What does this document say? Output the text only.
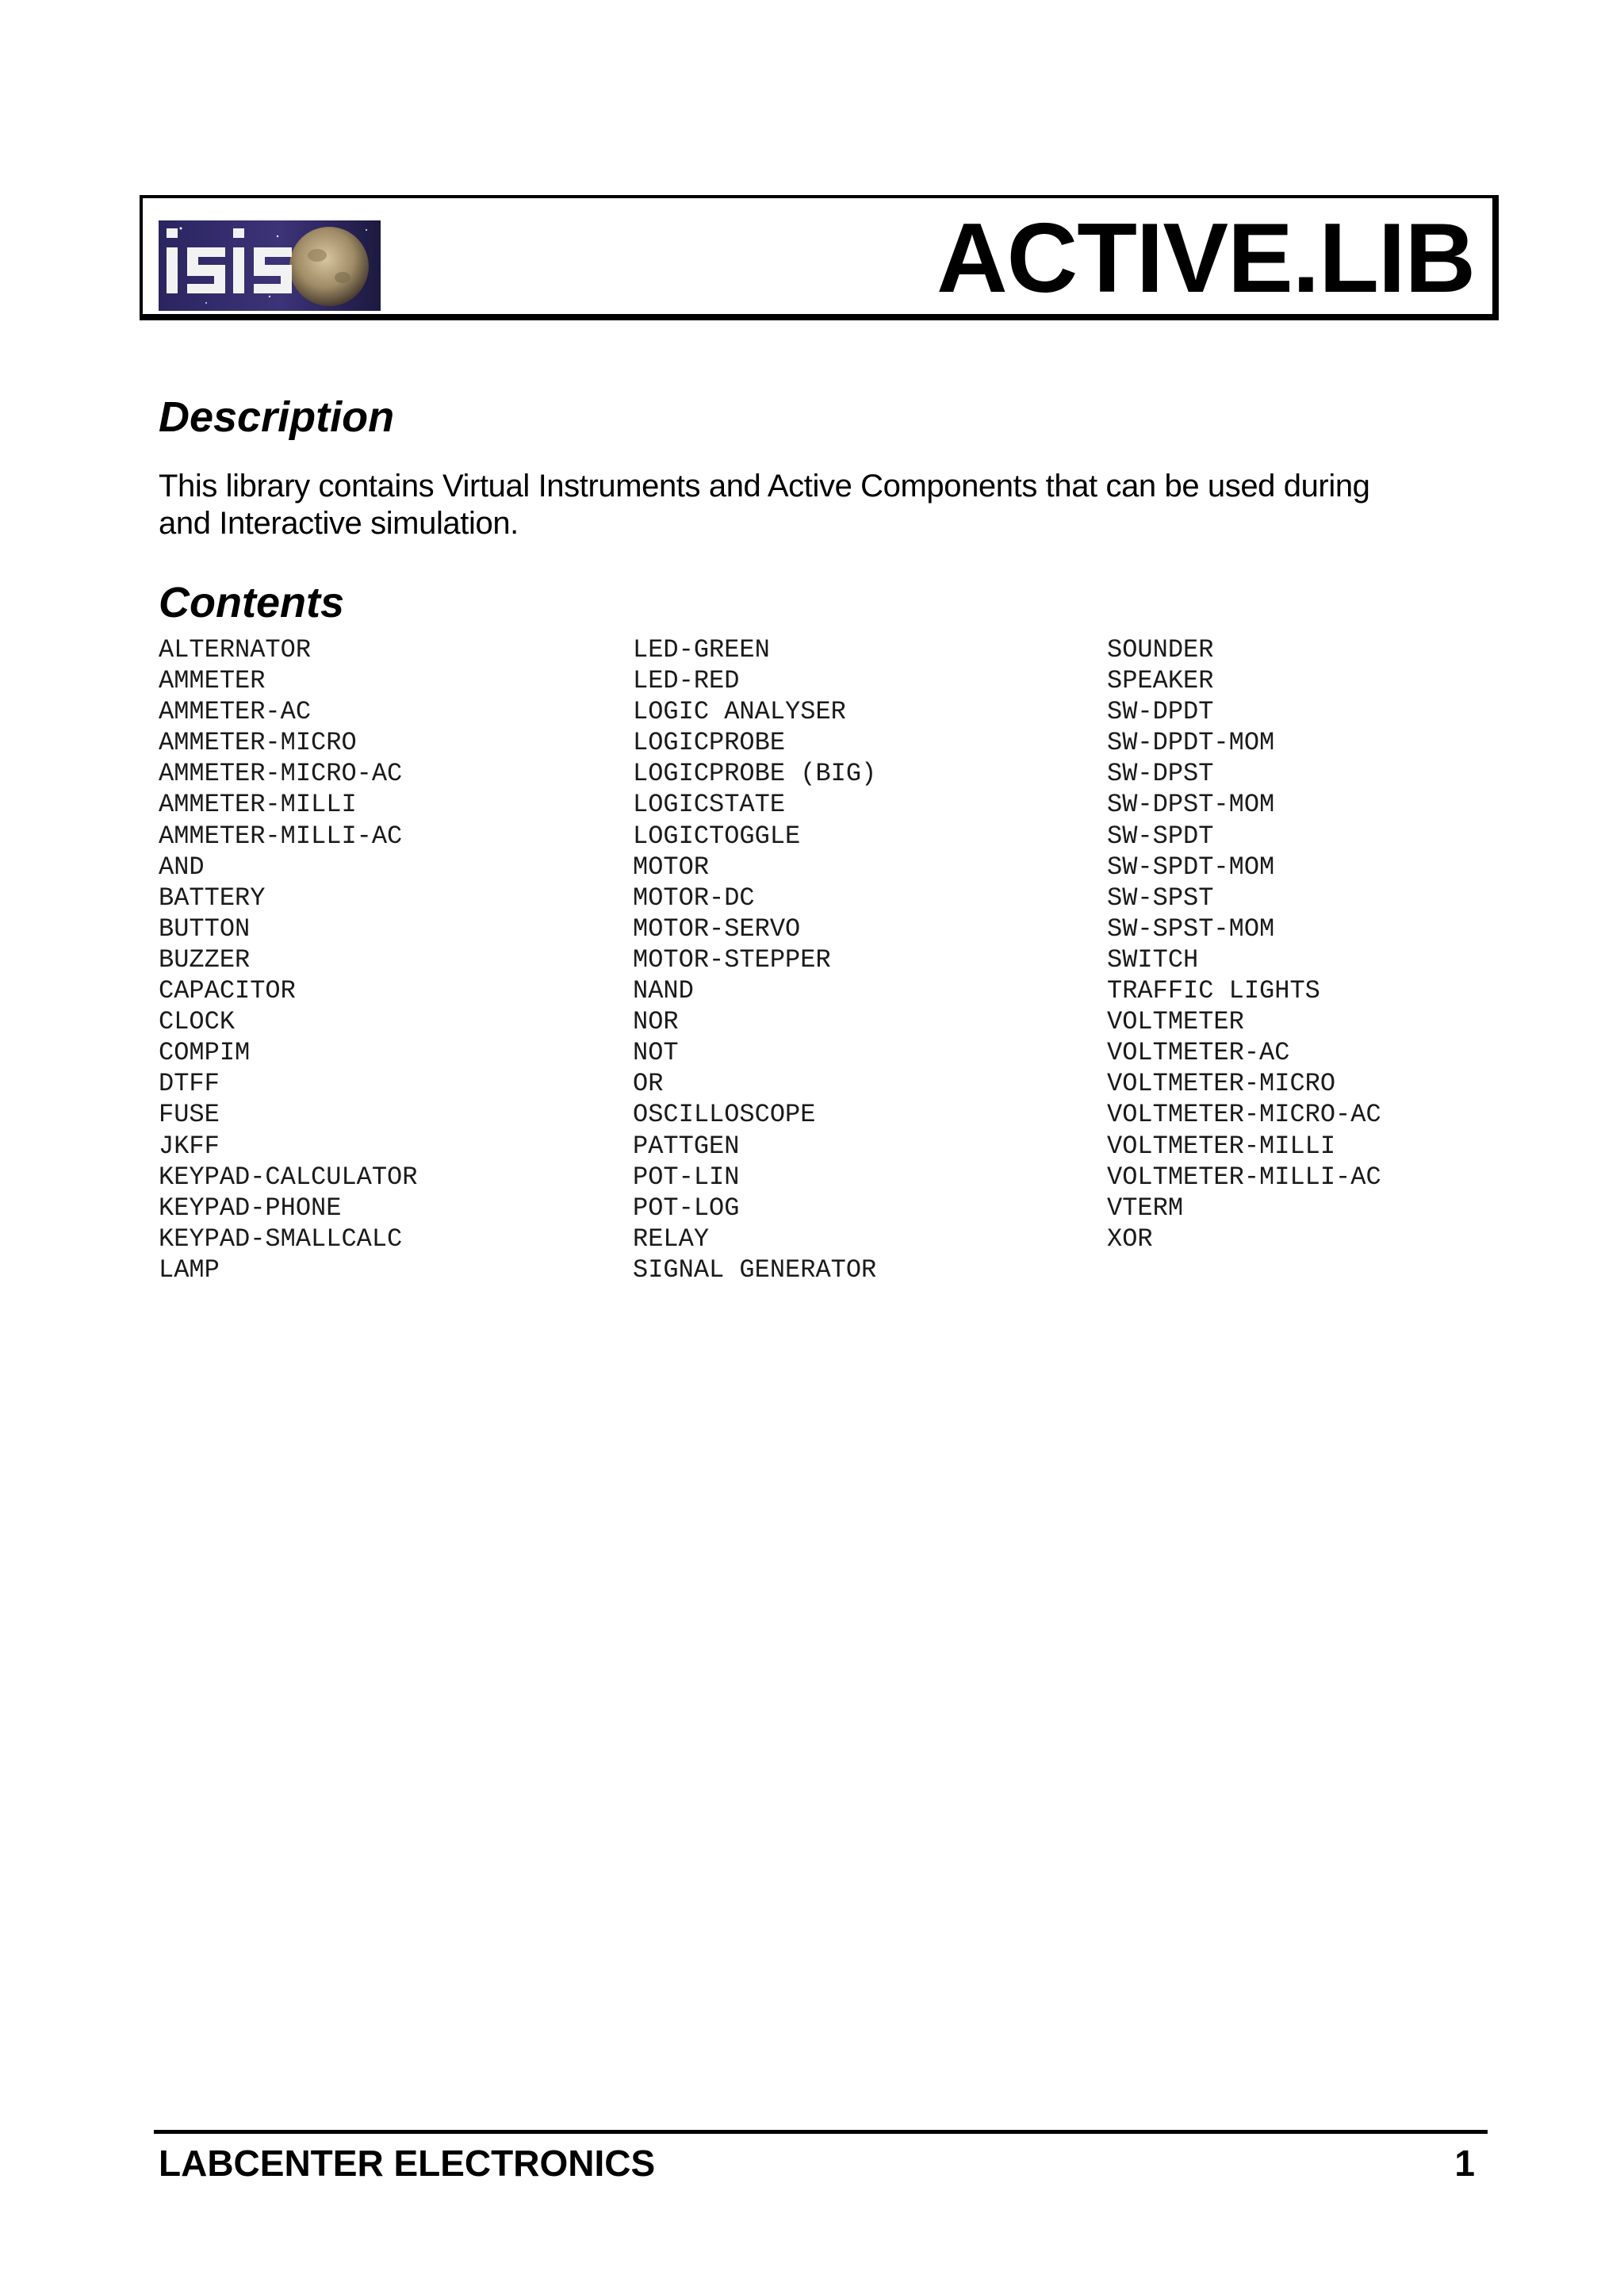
ACTIVE.LIB
Description

This library contains Virtual Instruments and Active Components that can be used during and Interactive simulation.

Contents
ALTERNATOR
AMMETER
AMMETER-AC
AMMETER-MICRO
AMMETER-MICRO-AC
AMMETER-MILLI
AMMETER-MILLI-AC
AND
BATTERY
BUTTON
BUZZER
CAPACITOR
CLOCK
COMPIM
DTFF
FUSE
JKFF
KEYPAD-CALCULATOR
KEYPAD-PHONE
KEYPAD-SMALLCALC
LAMP
LED-GREEN
LED-RED
LOGIC ANALYSER
LOGICPROBE
LOGICPROBE (BIG)
LOGICSTATE
LOGICTOGGLE
MOTOR
MOTOR-DC
MOTOR-SERVO
MOTOR-STEPPER
NAND
NOR
NOT
OR
OSCILLOSCOPE
PATTGEN
POT-LIN
POT-LOG
RELAY
SIGNAL GENERATOR
SOUNDER
SPEAKER
SW-DPDT
SW-DPDT-MOM
SW-DPST
SW-DPST-MOM
SW-SPDT
SW-SPDT-MOM
SW-SPST
SW-SPST-MOM
SWITCH
TRAFFIC LIGHTS
VOLTMETER
VOLTMETER-AC
VOLTMETER-MICRO
VOLTMETER-MICRO-AC
VOLTMETER-MILLI
VOLTMETER-MILLI-AC
VTERM
XOR

LABCENTER ELECTRONICS	1
